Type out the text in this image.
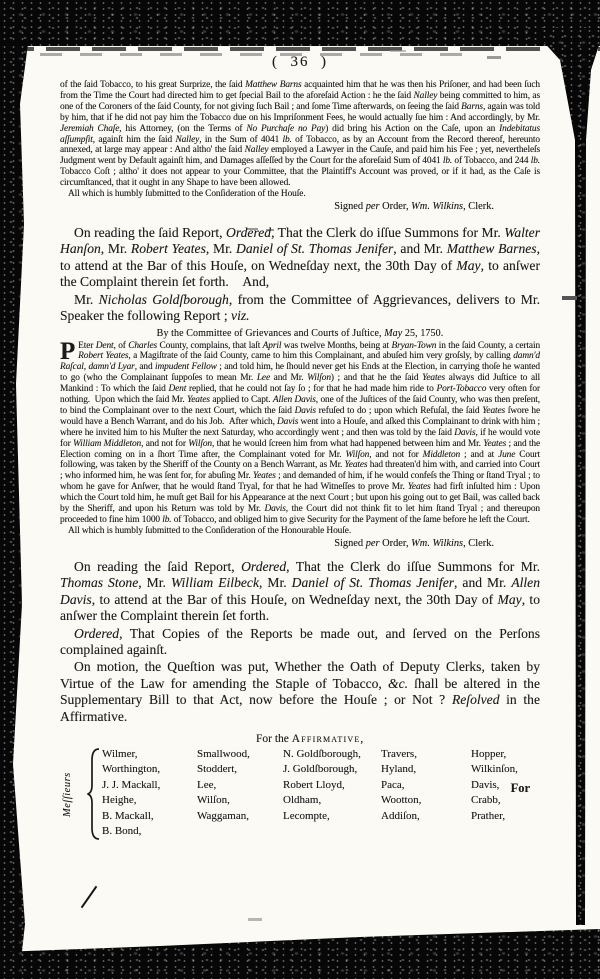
(  36  )

of the ſaid Tobacco, to his great Surprize, the ſaid Matthew Barns acquainted him that he was then his Priſoner, and had been ſuch from the Time the Court had directed him to get ſpecial Bail to the aforeſaid Action : he the ſaid Nalley being committed to him, as one of the Coroners of the ſaid County, for not giving ſuch Bail ; and ſome Time afterwards, on ſeeing the ſaid Barns, again was told by him, that if he did not pay him the Tobacco due on his Impriſonment Fees, he would actually ſue him : And accordingly, by Mr. Jeremiah Chaſe, his Attorney, (on the Terms of No Purchaſe no Pay) did bring his Action on the Caſe, upon an Indebitatus aſſumpſit, againſt him the ſaid Nalley, in the Sum of 4041 lb. of Tobacco, as by an Account from the Record thereof, hereunto annexed, at large may appear : And altho' the ſaid Nalley employed a Lawyer in the Cauſe, and paid him his Fee ; yet, nevertheleſs Judgment went by Default againſt him, and Damages aſſeſſed by the Court for the aforeſaid Sum of 4041 lb. of Tobacco, and 244 lb. Tobacco Coſt ; altho' it does not appear to your Committee, that the Plaintiff's Account was proved, or if it had, as the Caſe is circumſtanced, that it ought in any Shape to have been allowed.

All which is humbly ſubmitted to the Conſideration of the Houſe.

Signed per Order, Wm. Wilkins, Clerk.

On reading the ſaid Report, Ordered, That the Clerk do iſſue Summons for Mr. Walter Hanſon, Mr. Robert Yeates, Mr. Daniel of St. Thomas Jenifer, and Mr. Matthew Barnes, to attend at the Bar of this Houſe, on Wedneſday next, the 30th Day of May, to anſwer the Complaint therein ſet forth.  And,

Mr. Nicholas Goldſborough, from the Committee of Aggrievances, delivers to Mr. Speaker the following Report ; viz.

By the Committee of Grievances and Courts of Juſtice, May 25, 1750.

P Eter Dent, of Charles County, complains, that laſt April was twelve Months, being at Bryan-Town in the ſaid County, a certain Robert Yeates, a Magiſtrate of the ſaid County, came to him this Complainant, and abuſed him very groſsly, by calling damn'd Raſcal, damn'd Lyar, and impudent Fellow ; and told him, he ſhould never get his Ends at the Election, in carrying thoſe he wanted to go (who the Complainant ſuppoſes to mean Mr. Lee and Mr. Wilſon) ; and that he the ſaid Yeates always did Juſtice to all Mankind : To which the ſaid Dent replied, that he could not ſay ſo ; for that he had made him ride to Port-Tobacco very often for nothing. Upon which the ſaid Mr. Yeates applied to Capt. Allen Davis, one of the Juſtices of the ſaid County, who was then preſent, to bind the Complainant over to the next Court, which the ſaid Davis refuſed to do ; upon which Refuſal, the ſaid Yeates ſwore he would have a Bench Warrant, and do his Job. After which, Davis went into a Houſe, and aſked this Complainant to drink with him ; where he invited him to his Muſter the next Saturday, who accordingly went ; and then was told by the ſaid Davis, if he would vote for William Middleton, and not for Wilſon, that he would ſcreen him from what had happened between him and Mr. Yeates ; and the Election coming on in a ſhort Time after, the Complainant voted for Mr. Wilſon, and not for Middleton ; and at June Court following, was taken by the Sheriff of the County on a Bench Warrant, as Mr. Yeates had threaten'd him with, and carried into Court ; who informed him, he was ſent for, for abuſing Mr. Yeates ; and demanded of him, if he would confeſs the Thing or ſtand Tryal ; to whom he gave for Anſwer, that he would ſtand Tryal, for that he had Witneſſes to prove Mr. Yeates had firſt inſulted him : Upon which the Court told him, he muſt get Bail for his Appearance at the next Court ; but upon his going out to get Bail, was called back by the Sheriff, and upon his Return was told by Mr. Davis, the Court did not think fit to let him ſtand Tryal ; and thereupon proceeded to fine him 1000 lb. of Tobacco, and obliged him to give Security for the Payment of the ſame before he left the Court.

All which is humbly ſubmitted to the Conſideration of the Honourable Houſe.

Signed per Order, Wm. Wilkins, Clerk.

On reading the ſaid Report, Ordered, That the Clerk do iſſue Summons for Mr. Thomas Stone, Mr. William Eilbeck, Mr. Daniel of St. Thomas Jenifer, and Mr. Allen Davis, to attend at the Bar of this Houſe, on Wedneſday next, the 30th Day of May, to anſwer the Complaint therein ſet forth.

Ordered, That Copies of the Reports be made out, and ſerved on the Perſons complained againſt.

On motion, the Queſtion was put, Whether the Oath of Deputy Clerks, taken by Virtue of the Law for amending the Staple of Tobacco, &c. ſhall be altered in the Supplementary Bill to that Act, now before the Houſe ; or Not ? Reſolved in the Affirmative.

For the Affirmative,
Meſſieurs
Wilmer,
Worthington,
J. J. Mackall,
Heighe,
B. Mackall,
B. Bond,
Smallwood,
Stoddert,
Lee,
Wilſon,
Waggaman,
N. Goldſborough,
J. Goldſborough,
Robert Lloyd,
Oldham,
Lecompte,
Travers,
Hyland,
Paca,
Wootton,
Addiſon,
Hopper,
Wilkinſon,
Davis,
Crabb,
Prather,
For
